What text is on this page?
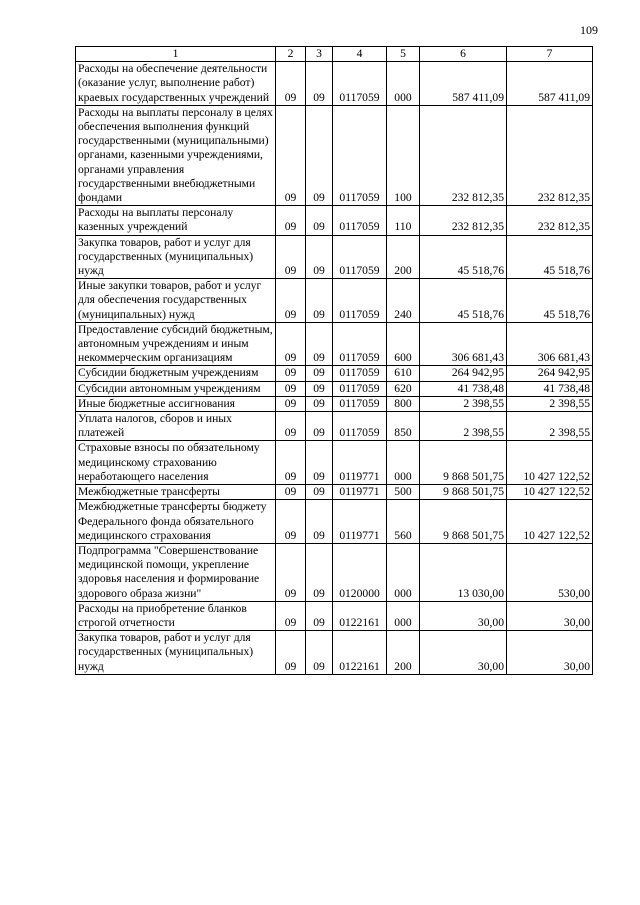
109
1	2	3	4	5	6	7
Расходы на обеспечение деятельности (оказание услуг, выполнение работ) краевых государственных учреждений	09	09	0117059	000	587 411,09	587 411,09
Расходы на выплаты персоналу в целях обеспечения выполнения функций государственными (муниципальными) органами, казенными учреждениями, органами управления государственными внебюджетными фондами	09	09	0117059	100	232 812,35	232 812,35
Расходы на выплаты персоналу казенных учреждений	09	09	0117059	110	232 812,35	232 812,35
Закупка товаров, работ и услуг для государственных (муниципальных) нужд	09	09	0117059	200	45 518,76	45 518,76
Иные закупки товаров, работ и услуг для обеспечения государственных (муниципальных) нужд	09	09	0117059	240	45 518,76	45 518,76
Предоставление субсидий бюджетным, автономным учреждениям и иным некоммерческим организациям	09	09	0117059	600	306 681,43	306 681,43
Субсидии бюджетным учреждениям	09	09	0117059	610	264 942,95	264 942,95
Субсидии автономным учреждениям	09	09	0117059	620	41 738,48	41 738,48
Иные бюджетные ассигнования	09	09	0117059	800	2 398,55	2 398,55
Уплата налогов, сборов и иных платежей	09	09	0117059	850	2 398,55	2 398,55
Страховые взносы по обязательному медицинскому страхованию неработающего населения	09	09	0119771	000	9 868 501,75	10 427 122,52
Межбюджетные трансферты	09	09	0119771	500	9 868 501,75	10 427 122,52
Межбюджетные трансферты бюджету Федерального фонда обязательного медицинского страхования	09	09	0119771	560	9 868 501,75	10 427 122,52
Подпрограмма "Совершенствование медицинской помощи, укрепление здоровья населения и формирование здорового образа жизни"	09	09	0120000	000	13 030,00	530,00
Расходы на приобретение бланков строгой отчетности	09	09	0122161	000	30,00	30,00
Закупка товаров, работ и услуг для государственных (муниципальных) нужд	09	09	0122161	200	30,00	30,00
